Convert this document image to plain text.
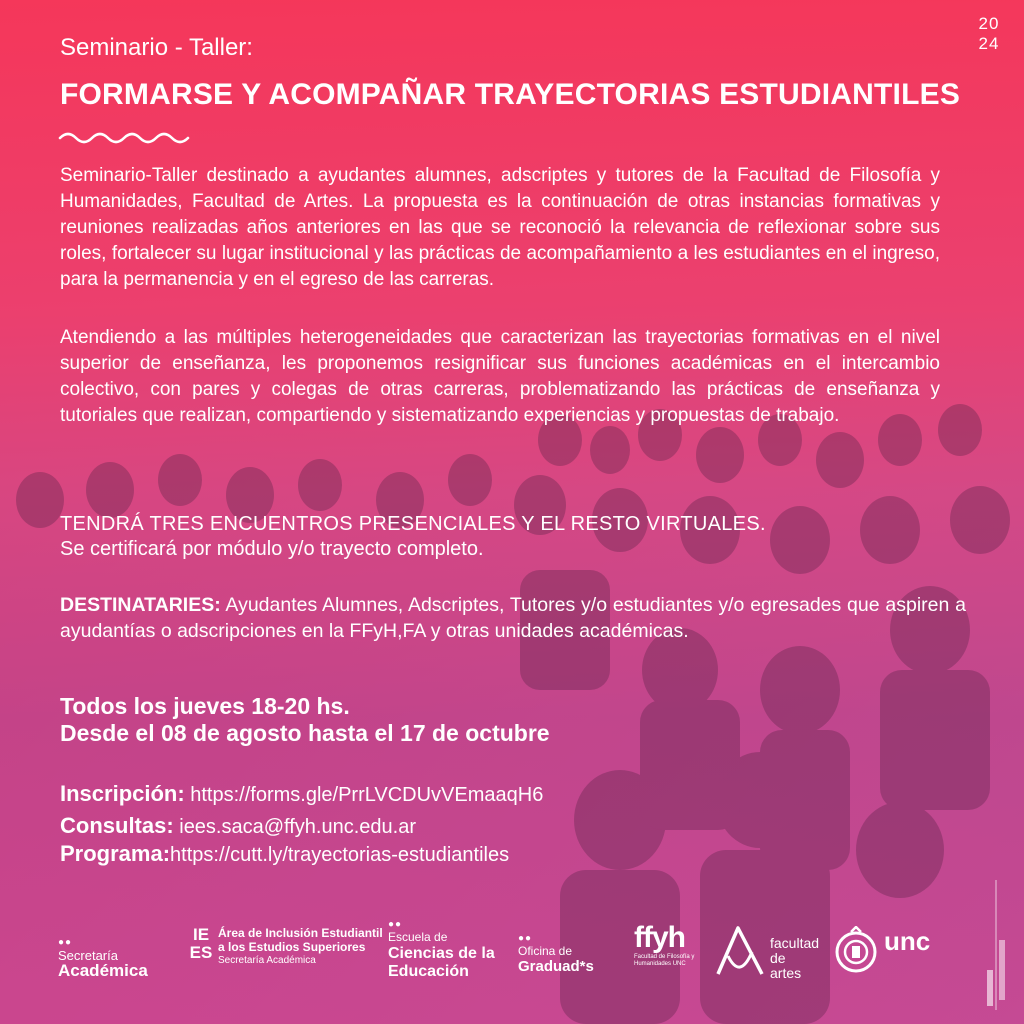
20
24
Seminario - Taller:
FORMARSE Y ACOMPAÑAR TRAYECTORIAS ESTUDIANTILES

Seminario-Taller destinado a ayudantes alumnes, adscriptes y tutores de la Facultad de Filosofía y Humanidades, Facultad de Artes. La propuesta es la continuación de otras instancias formativas y reuniones realizadas años anteriores en las que se reconoció la relevancia de reflexionar sobre sus roles, fortalecer su lugar institucional y las prácticas de acompañamiento a les estudiantes en el ingreso, para la permanencia y en el egreso de las carreras.

Atendiendo a las múltiples heterogeneidades que caracterizan las trayectorias formativas en el nivel superior de enseñanza, les proponemos resignificar sus funciones académicas en el intercambio colectivo, con pares y colegas de otras carreras, problematizando las prácticas de enseñanza y tutoriales que realizan, compartiendo y sistematizando experiencias y propuestas de trabajo.

TENDRÁ TRES ENCUENTROS PRESENCIALES Y EL RESTO VIRTUALES.
Se certificará por módulo y/o trayecto completo.

DESTINATARIES: Ayudantes Alumnes, Adscriptes, Tutores y/o estudiantes y/o egresades que aspiren a ayudantías o adscripciones en la FFyH,FA y otras unidades académicas.

Todos los jueves 18-20 hs.
Desde el 08 de agosto hasta el 17 de octubre
Inscripción: https://forms.gle/PrrLVCDUvVEmaaqH6
Consultas: iees.saca@ffyh.unc.edu.ar
Programa:https://cutt.ly/trayectorias-estudiantiles
●●
Secretaría
Académica
IEES
Área de Inclusión Estudiantil
a los Estudios Superiores
Secretaría Académica
●●
Escuela de
Ciencias de la
Educación
●●
Oficina de
Graduad*s
ffyh
Facultad de Filosofía y Humanidades UNC
facultad
de artes
unc
